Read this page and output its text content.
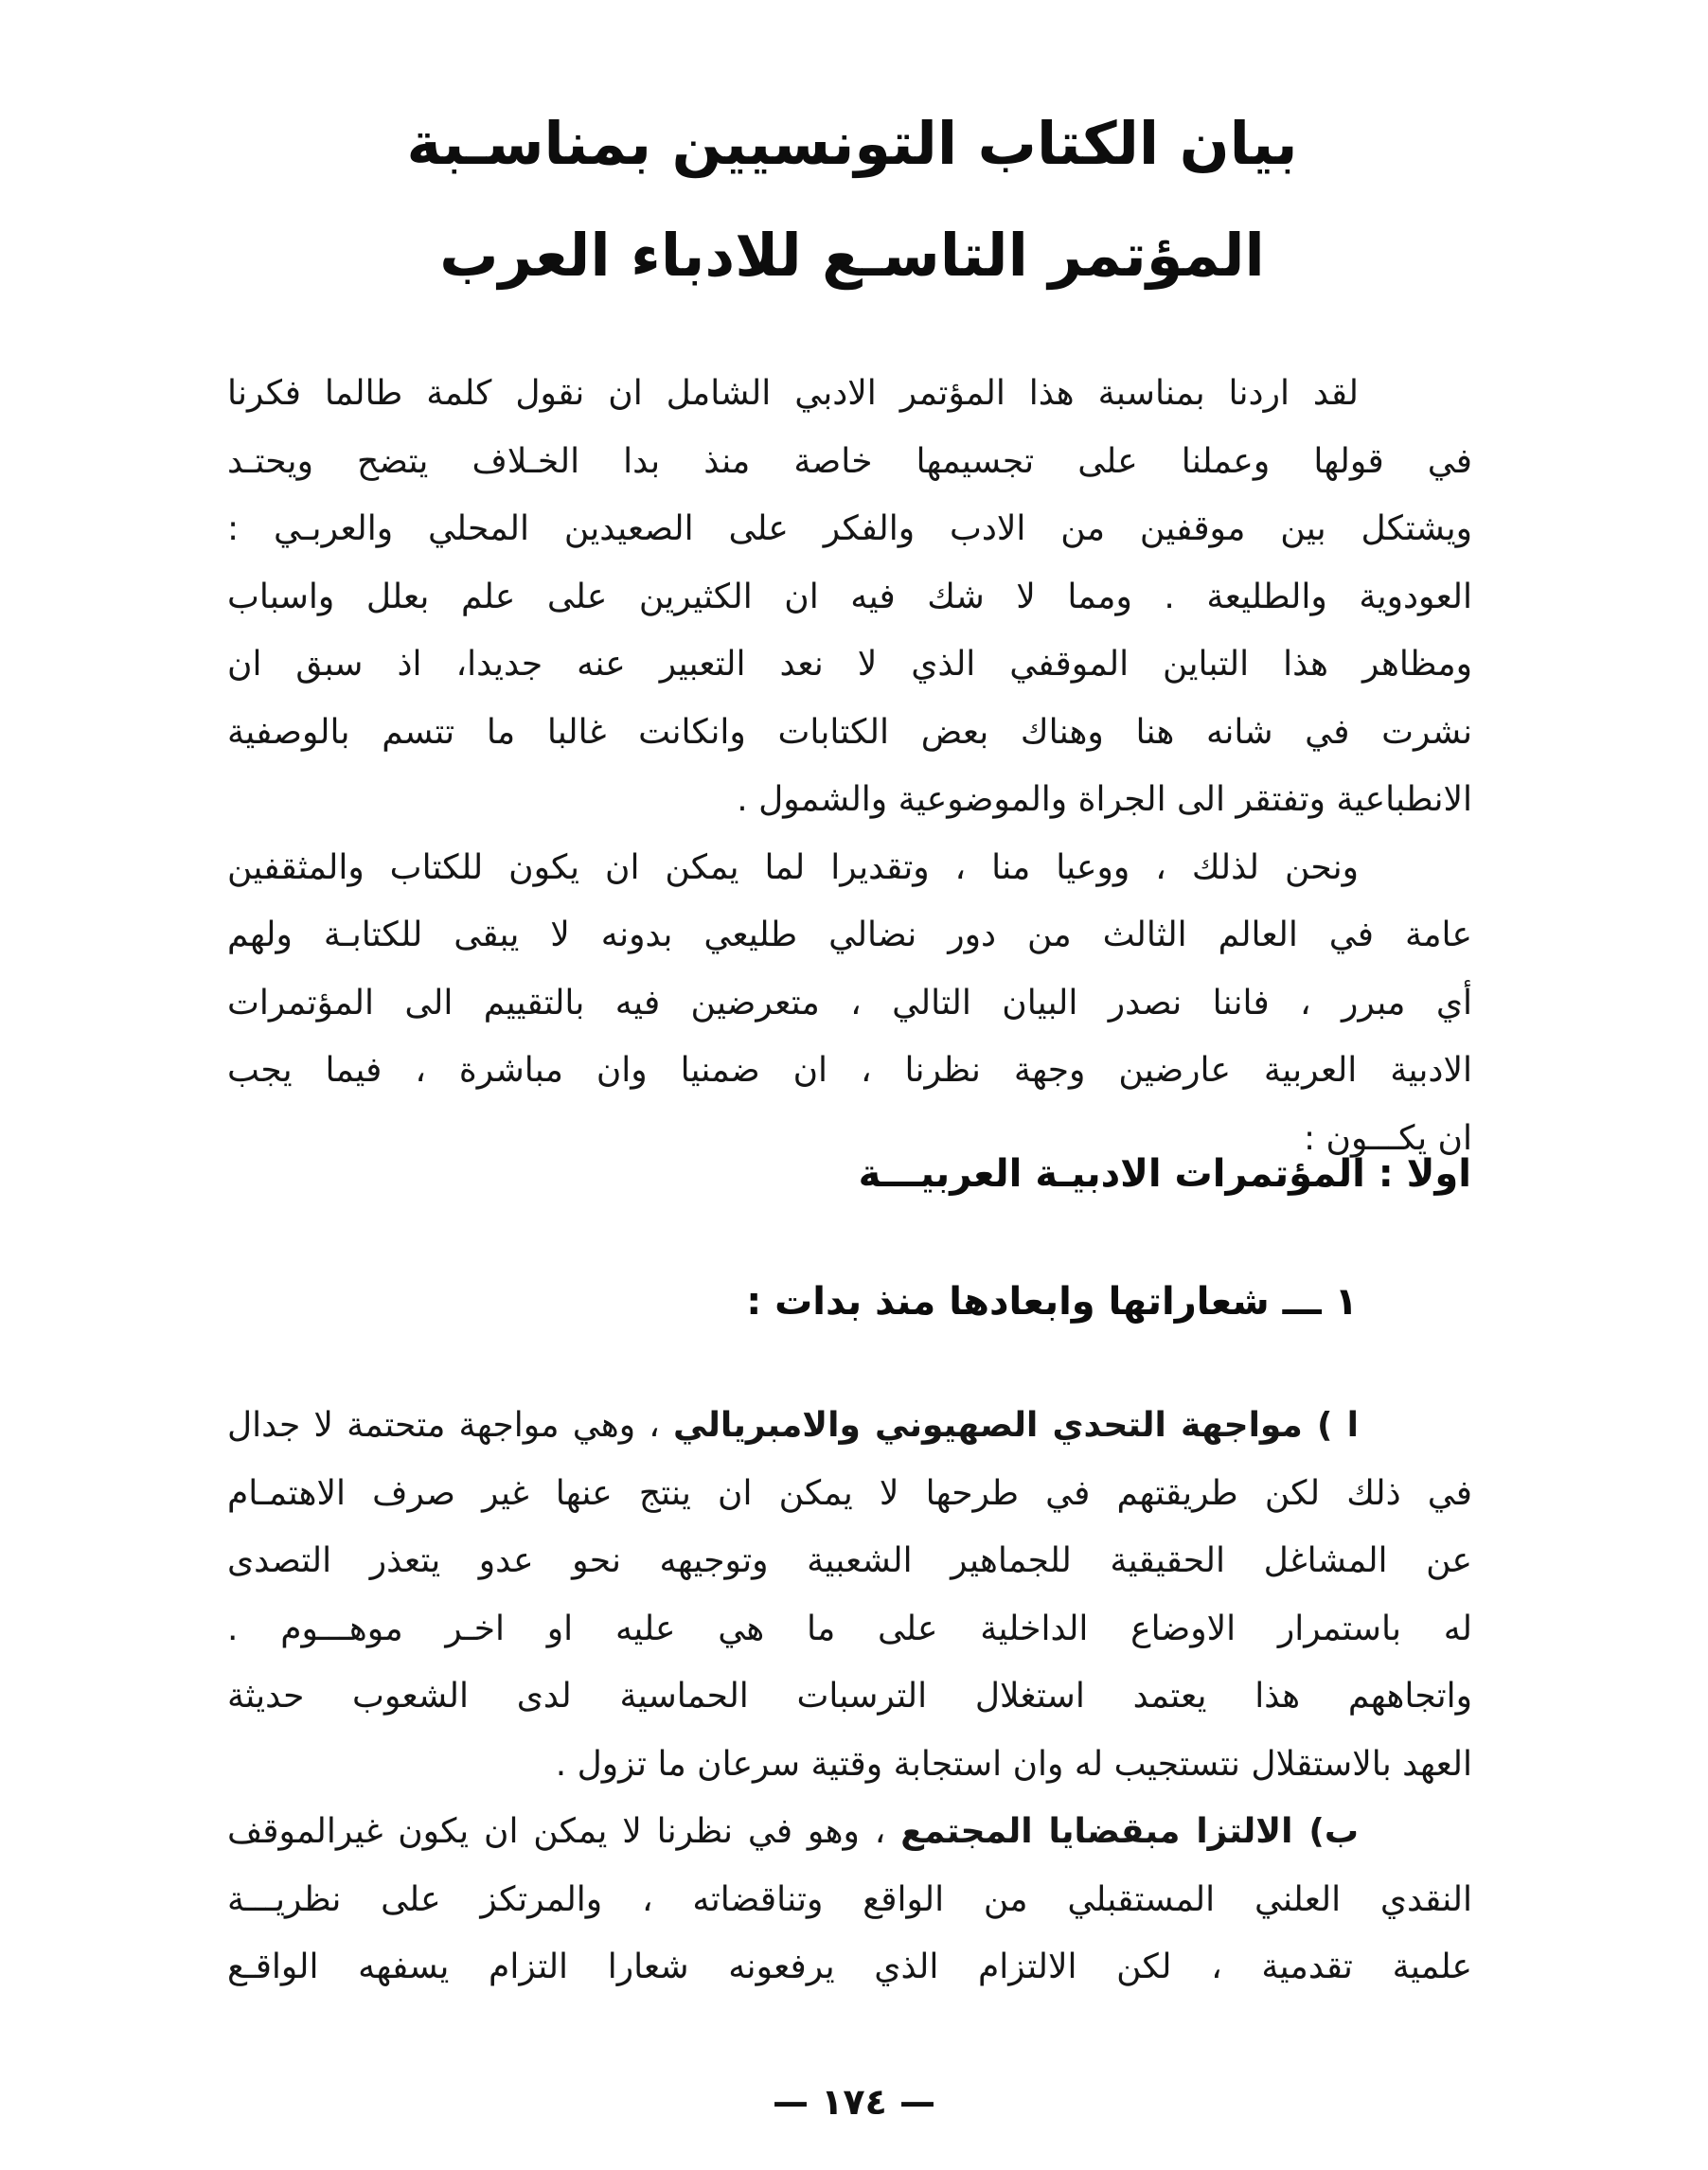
بيان الكتاب التونسيين بمناسـبة
المؤتمر التاسـع للادباء العرب
لقد اردنا بمناسبة هذا المؤتمر الادبي الشامل ان نقول كلمة طالما فكرنا
في قولها وعملنا على تجسيمها خاصة منذ بدا الخـلاف يتضح ويحتـد
ويشتكل بين موقفين من الادب والفكر على الصعيدين المحلي والعربـي :
العودوية والطليعة . ومما لا شك فيه ان الكثيرين على علم بعلل واسباب
ومظاهر هذا التباين الموقفي الذي لا نعد التعبير عنه جديدا، اذ سبق ان
نشرت في شانه هنا وهناك بعض الكتابات وانكانت غالبا ما تتسم بالوصفية
الانطباعية وتفتقر الى الجراة والموضوعية والشمول .
ونحن لذلك ، ووعيا منا ، وتقديرا لما يمكن ان يكون للكتاب والمثقفين
عامة في العالم الثالث من دور نضالي طليعي بدونه لا يبقى للكتابـة ولهم
أي مبرر ، فاننا نصدر البيان التالي ، متعرضين فيه بالتقييم الى المؤتمرات
الادبية العربية عارضين وجهة نظرنا ، ان ضمنيا وان مباشرة ، فيما يجب
ان يكـــون :
اولا : المؤتمرات الادبيـة العربيـــة
١ ـــ شعاراتها وابعادها منذ بدات :
ا ) مواجهة التحدي الصهيوني والامبريالي ، وهي مواجهة متحتمة لا جدال
في ذلك لكن طريقتهم في طرحها لا يمكن ان ينتج عنها غير صرف الاهتمـام
عن المشاغل الحقيقية للجماهير الشعبية وتوجيهه نحو عدو يتعذر التصدى
له باستمرار الاوضاع الداخلية على ما هي عليه او اخـر موهـــوم .
واتجاههم هذا يعتمد استغلال الترسبات الحماسية لدى الشعوب حديثة
العهد بالاستقلال نتستجيب له وان استجابة وقتية سرعان ما تزول .
ب) الالتزا مبقضايا المجتمع ، وهو في نظرنا لا يمكن ان يكون غيرالموقف
النقدي العلني المستقبلي من الواقع وتناقضاته ، والمرتكز على نظريـــة
علمية تقدمية ، لكن الالتزام الذي يرفعونه شعارا التزام يسفهه الواقـع
— ١٧٤ —
